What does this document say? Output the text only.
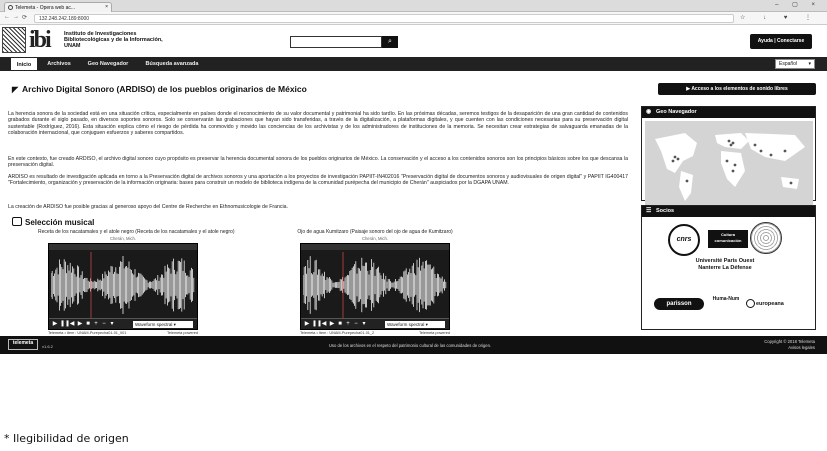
Telemeta - Opera web ac...	×	– ▢ ×
← → ⟳	132.248.242.189:8000	☆ ↓ ♥ ⋮
ibi	Instituto de Investigaciones Bibliotecológicas y de la Información, UNAM
⌕	Ayuda | Conectarse
Inicio	Archivos	Geo Navegador	Búsqueda avanzada	Español ▾
◤ Archivo Digital Sonoro (ARDISO) de los pueblos originarios de México	▶ Acceso a los elementos de sonido libres

La herencia sonora de la sociedad está en una situación crítica, especialmente en países donde el reconocimiento de su valor documental y patrimonial ha sido tardío. En las próximas décadas, seremos testigos de la desaparición de una gran cantidad de contenidos grabados durante el siglo pasado, en diversos soportes sonoros. Solo se conservarán las grabaciones que hayan sido transferidas, a través de la digitalización, a plataformas digitales, y que cuenten con las condiciones necesarias para su preservación digital sustentable (Rodríguez, 2016). Esta situación explica cómo el riesgo de pérdida ha conmovido y movido las conciencias de los archivistas y de los administradores de instituciones de la memoria. Se necesitan crear estrategias de salvaguarda emanadas de la colaboración internacional, que conjuguen esfuerzos y saberes compartidos.

En este contexto, fue creado ARDISO, el archivo digital sonoro cuyo propósito es preservar la herencia documental sonora de los pueblos originarios de México. La conservación y el acceso a los contenidos sonoros son los principios básicos sobre los que descansa la preservación digital.

ARDISO es resultado de investigación aplicada en torno a la Preservación digital de archivos sonoros y una aportación a los proyectos de investigación PAPIIT-IN402016 "Preservación digital de documentos sonoros y audiovisuales de origen digital" y PAPIIT IG400417 "Fortalecimiento, organización y preservación de la información originaria: bases para construir un modelo de biblioteca indígena de la comunidad purépecha del municipio de Cherán" auspiciados por la DGAPA UNAM.

La creación de ARDISO fue posible gracias al generoso apoyo del Centre de Recherche en Ethnomusicologie de Francia.

Selección musical
Receta de los nacatamales y el atole negro (Receta de los nacatamales y el atole negro)
Cherán, Mich.
▶ ❚❚ ◀ ▶ ■ + − ▾	Waveform spectral ▾
Telemeta • Item : UNAM-Purepecha01-01_001	Telemeta powered
Ojo de agua Kumitzaro (Paisaje sonoro del ojo de agua de Kumitzaro)
Cherán, Mich.
▶ ❚❚ ◀ ▶ ■ + − ▾	Waveform spectral ▾
Telemeta • Item : UNAM-Purepecha01-01_2	Telemeta powered
◉ Geo Navegador
☰ Socios
cnrs
Cultura comunicación
Université Paris Ouest Nanterre La Défense
parisson
Huma-Num
europeana
telemeta
v1.6.2	Uso de los archivos en el respeto del patrimonio cultural de las comunidades de origen.
Copyright © 2018 Telemeta
Avisos legales
* Ilegibilidad de origen
